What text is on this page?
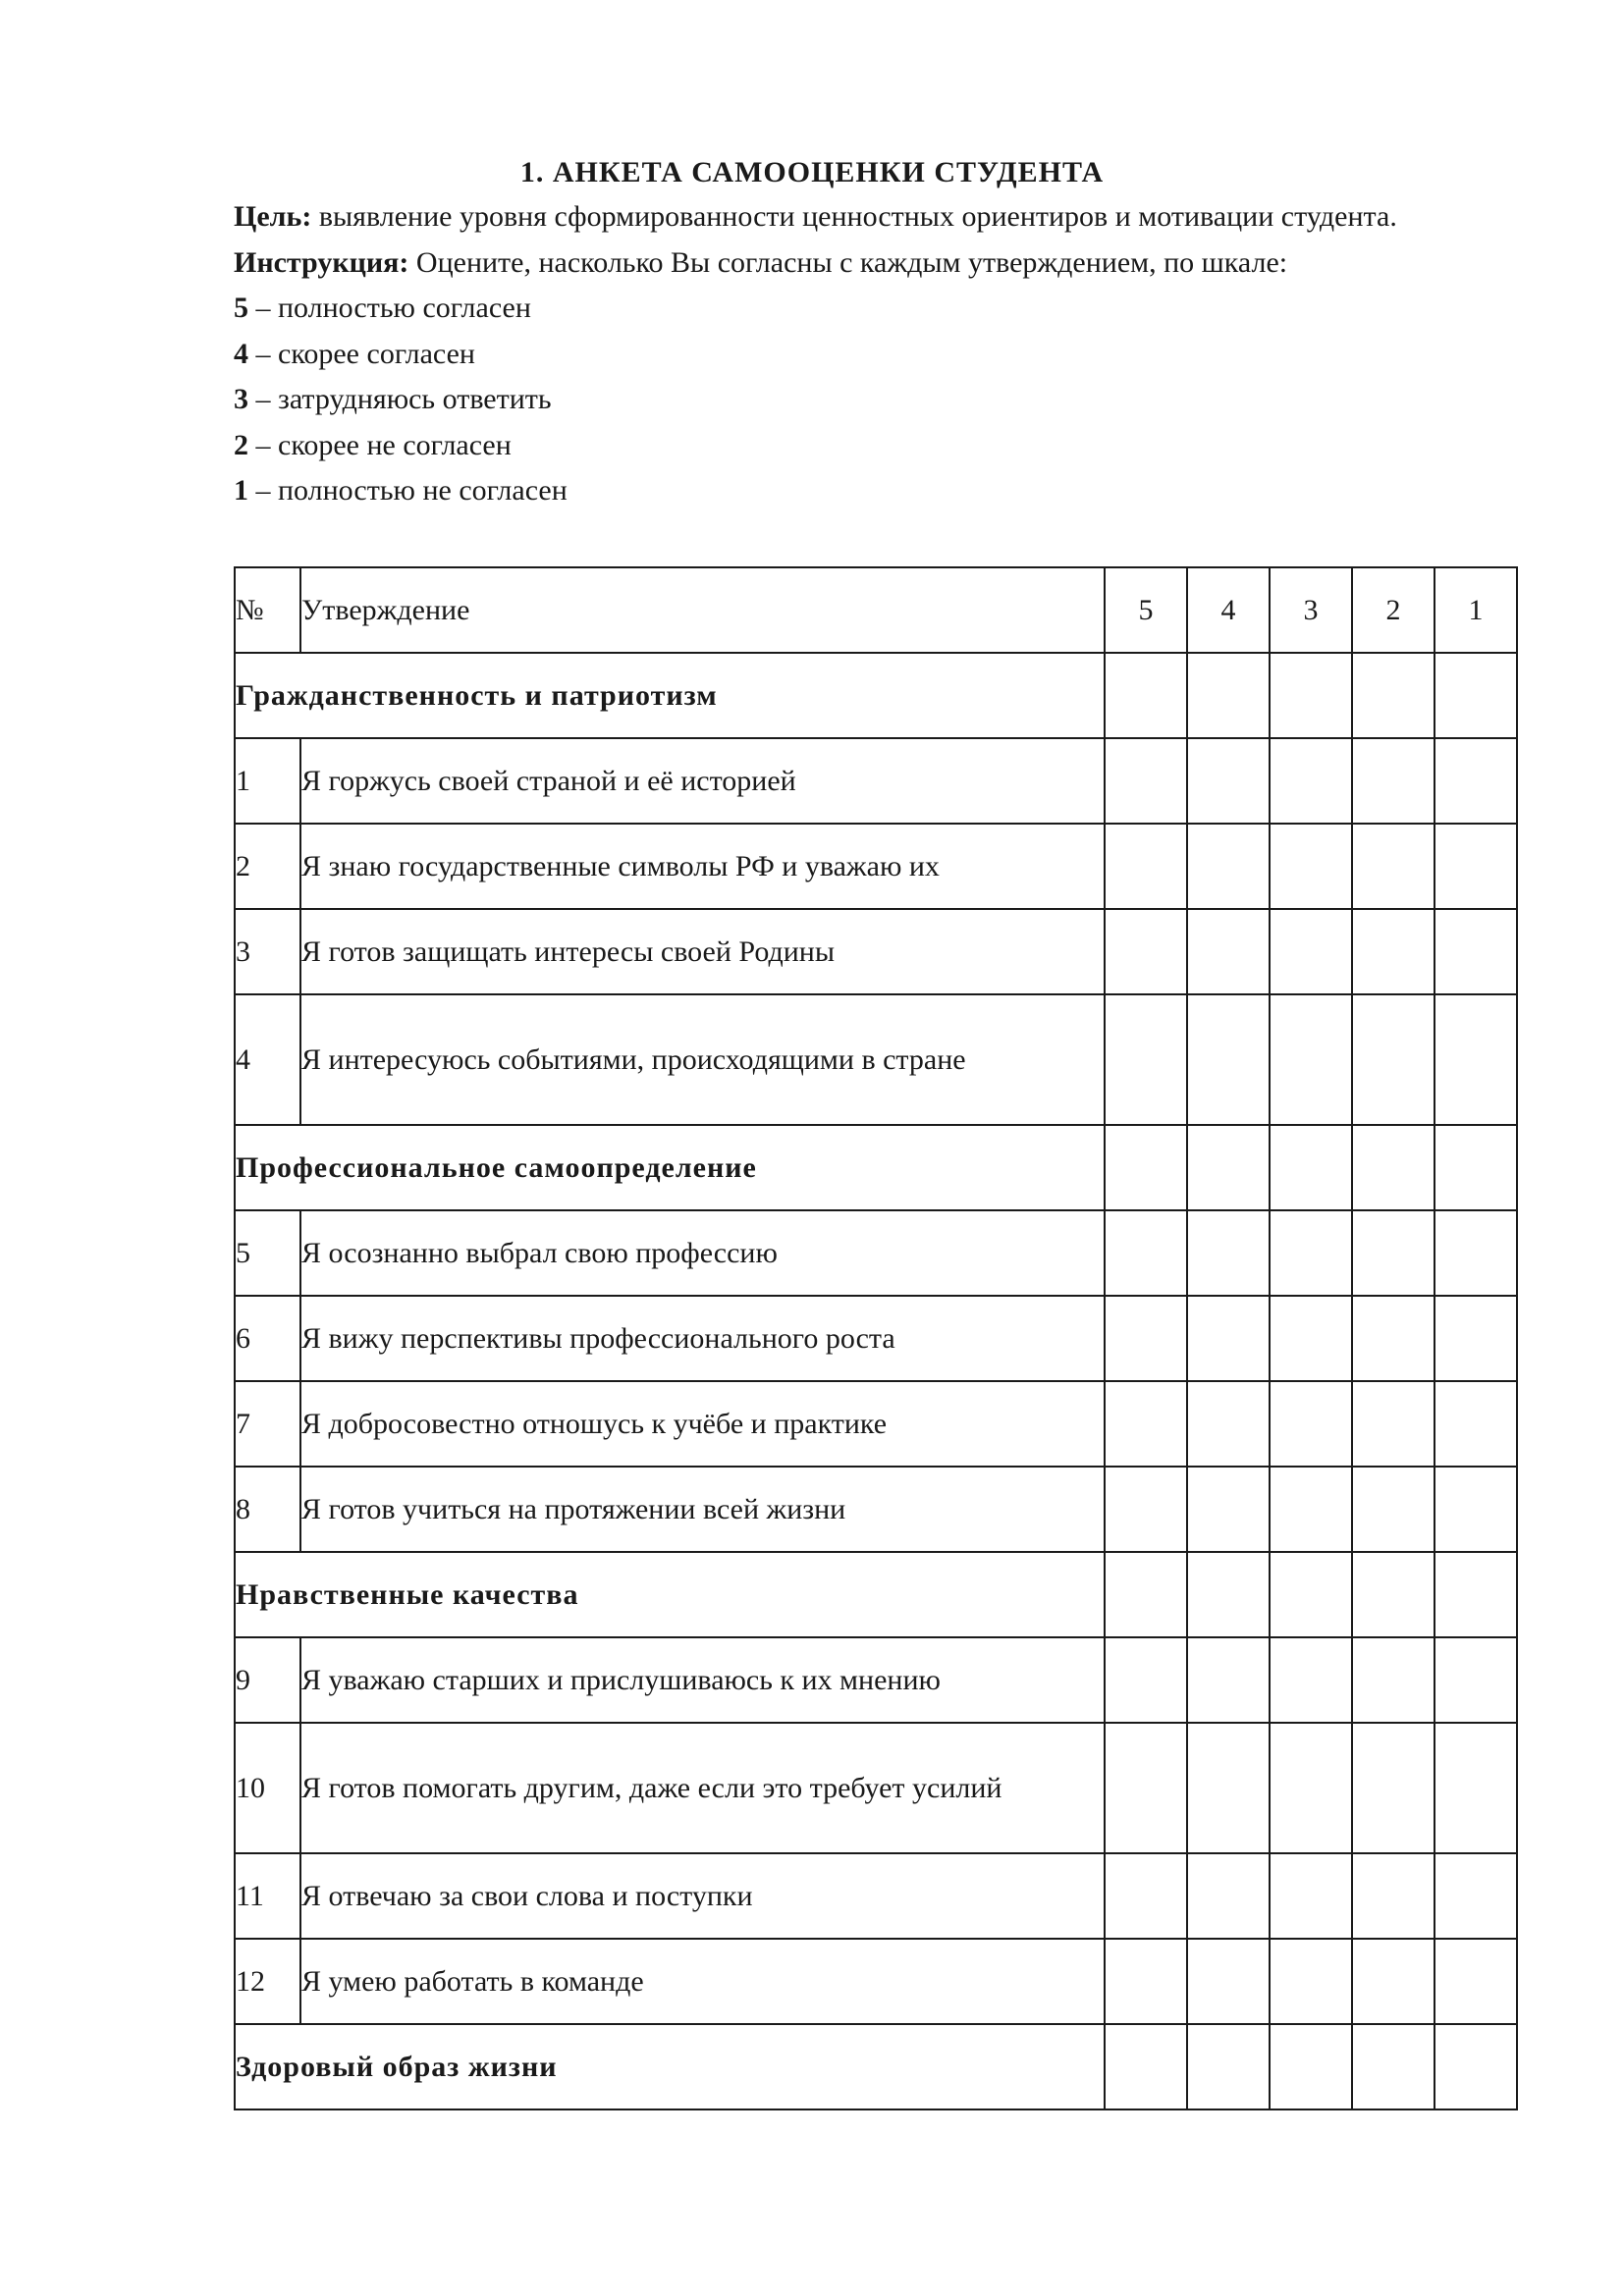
1. АНКЕТА САМООЦЕНКИ СТУДЕНТА

Цель: выявление уровня сформированности ценностных ориентиров и мотивации студента.

Инструкция: Оцените, насколько Вы согласны с каждым утверждением, по шкале:

5 – полностью согласен

4 – скорее согласен

3 – затрудняюсь ответить

2 – скорее не согласен

1 – полностью не согласен

№	Утверждение	5	4	3	2	1
Гражданственность и патриотизм						
1	Я горжусь своей страной и её историей					
2	Я знаю государственные символы РФ и уважаю их					
3	Я готов защищать интересы своей Родины					
4	Я интересуюсь событиями, происходящими в стране					
Профессиональное самоопределение						
5	Я осознанно выбрал свою профессию					
6	Я вижу перспективы профессионального роста					
7	Я добросовестно отношусь к учёбе и практике					
8	Я готов учиться на протяжении всей жизни					
Нравственные качества						
9	Я уважаю старших и прислушиваюсь к их мнению					
10	Я готов помогать другим, даже если это требует усилий					
11	Я отвечаю за свои слова и поступки					
12	Я умею работать в команде					
Здоровый образ жизни						
